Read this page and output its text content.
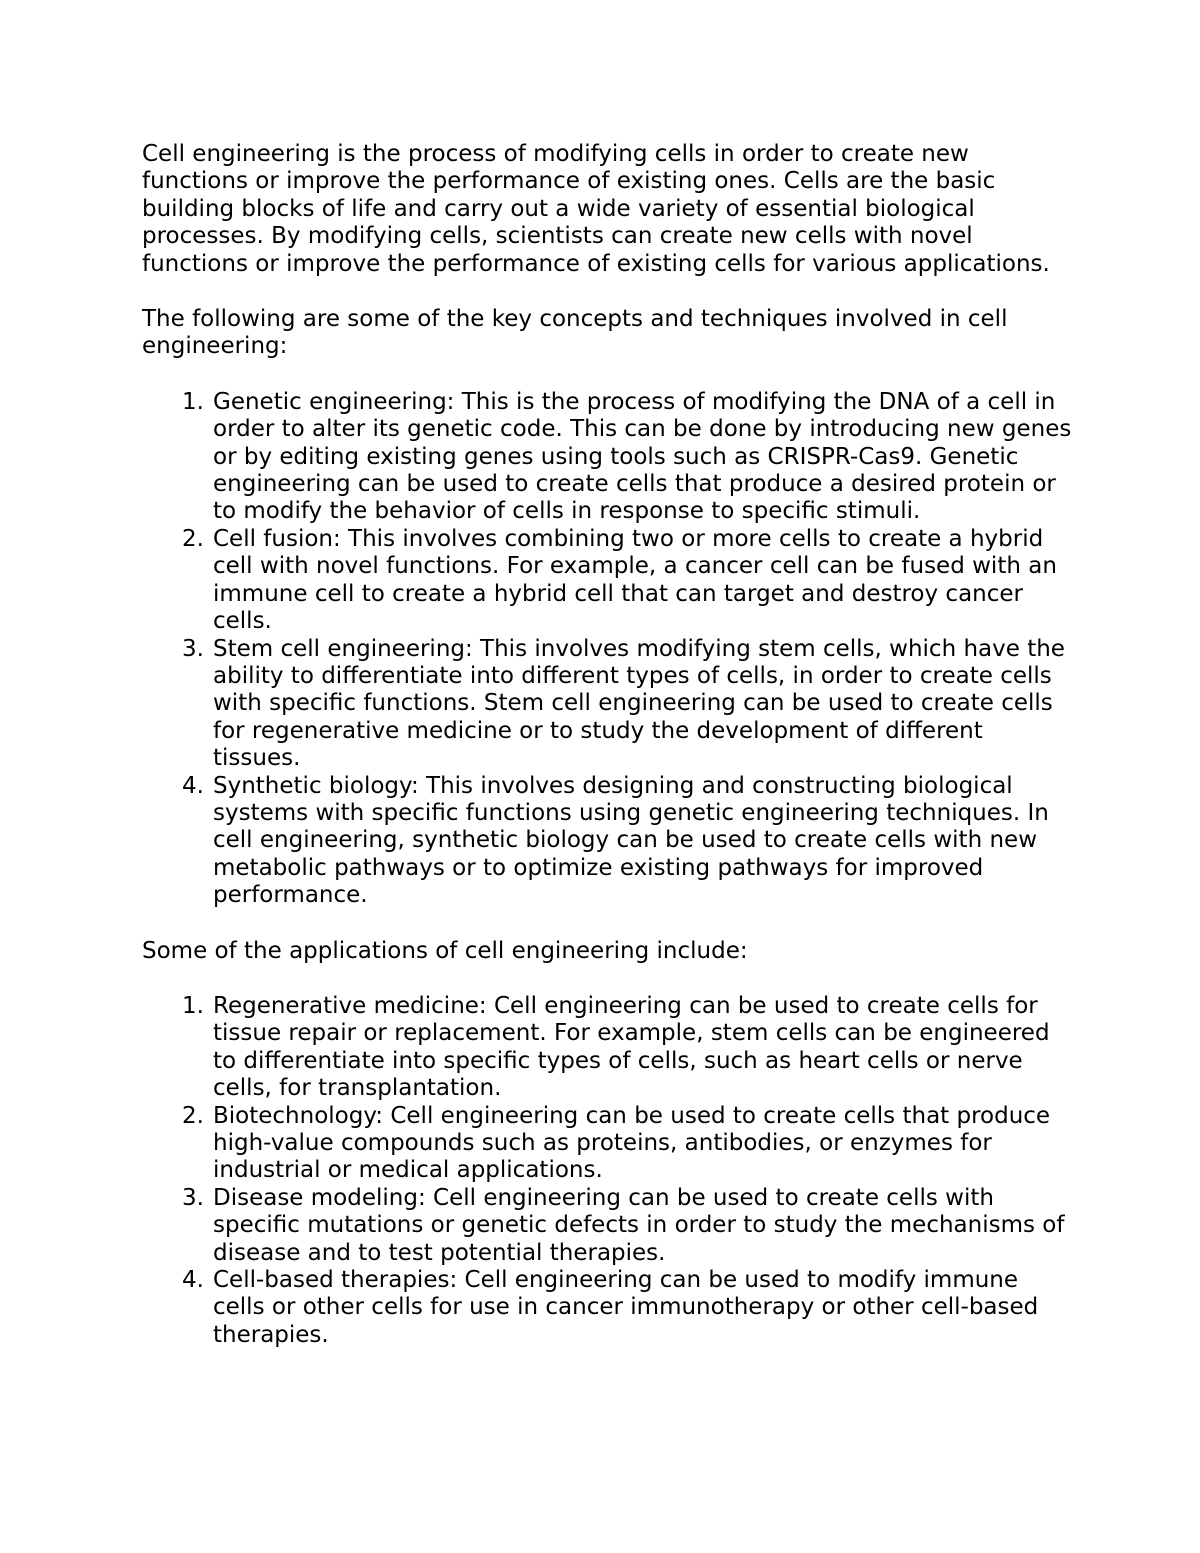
Cell engineering is the process of modifying cells in order to create new functions or improve the performance of existing ones. Cells are the basic building blocks of life and carry out a wide variety of essential biological processes. By modifying cells, scientists can create new cells with novel functions or improve the performance of existing cells for various applications.

The following are some of the key concepts and techniques involved in cell engineering:

1. Genetic engineering: This is the process of modifying the DNA of a cell in order to alter its genetic code. This can be done by introducing new genes or by editing existing genes using tools such as CRISPR-Cas9. Genetic engineering can be used to create cells that produce a desired protein or to modify the behavior of cells in response to specific stimuli.
2. Cell fusion: This involves combining two or more cells to create a hybrid cell with novel functions. For example, a cancer cell can be fused with an immune cell to create a hybrid cell that can target and destroy cancer cells.
3. Stem cell engineering: This involves modifying stem cells, which have the ability to differentiate into different types of cells, in order to create cells with specific functions. Stem cell engineering can be used to create cells for regenerative medicine or to study the development of different tissues.
4. Synthetic biology: This involves designing and constructing biological systems with specific functions using genetic engineering techniques. In cell engineering, synthetic biology can be used to create cells with new metabolic pathways or to optimize existing pathways for improved performance.

Some of the applications of cell engineering include:

1. Regenerative medicine: Cell engineering can be used to create cells for tissue repair or replacement. For example, stem cells can be engineered to differentiate into specific types of cells, such as heart cells or nerve cells, for transplantation.
2. Biotechnology: Cell engineering can be used to create cells that produce high-value compounds such as proteins, antibodies, or enzymes for industrial or medical applications.
3. Disease modeling: Cell engineering can be used to create cells with specific mutations or genetic defects in order to study the mechanisms of disease and to test potential therapies.
4. Cell-based therapies: Cell engineering can be used to modify immune cells or other cells for use in cancer immunotherapy or other cell-based therapies.
